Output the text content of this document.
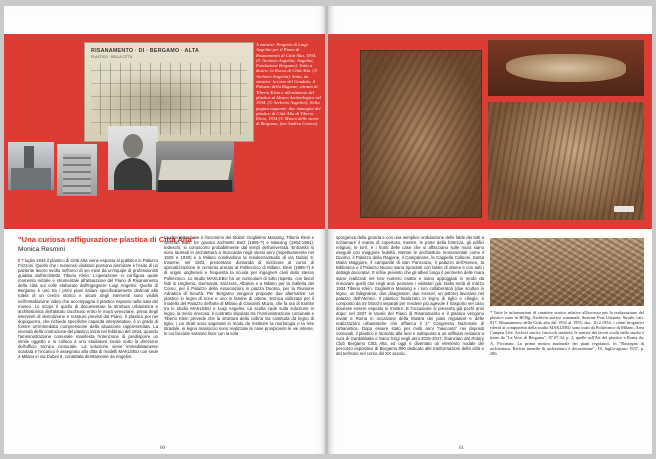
RISANAMENTO · DI · BERGAMO · ALTA
PLASTICO · DELLA CITTÀ
A sinistra: Progetto di Luigi Angelini per il Piano di Risanamento di Città Alta, 1934. (© Archivio Angelini; Angelini, Fondazione Bergamo). Sotto a destra: la Rocca di Città Alta. (© Archivio Angelini). Sotto, da sinistra: la torre del Gombito, il Palazzo della Ragione, ritratto di Tiberio Klein e allestimento del plastico al Museo Archeologico nel 1934. (© Archivio Angelini). Nella pagina seguente: due immagini del plastico di Città Alta di Tiberio Klein, 1934 (© Museo delle storie di Bergamo, foto Andrea Genovi).
"Una curiosa raffigurazione plastica di Città Alta"
Monica Resmini
Il 7 luglio 1934 il plastico di Città Alta viene esposto al pubblico in Palazzo Frizzoni. Quello che i numerosi visitatori possono ammirare è l'esito di un paziente lavoro svolto nell'arco di sei mesi da un'équipe di professionisti guidata dall'architetto Tiberio Klein. L'operazione si configura quale momento iniziale e strumentale all'attuazione del Piano di Risanamento della città sul colle elaborato dall'ingegnere Luigi Angelini. Quello di Bergamo è uno tra i primi piani italiani specificatamente dedicati alla tutela di un centro storico e alcuni degli interventi sono visibili nell'installazione video che accompagna il plastico esposto nella sala del museo. Lo scopo è quello di documentare la struttura urbanistica e architettonica dell'abitato racchiuso entro le mura veneziane, prima degli interventi di demolizione e restauro previsti dal Piano. Il plastico poi nel dopoguerra, che richiede specifiche capacità interpretative, è in grado di fornire un'immediata comprensione della situazione rappresentata. La vicenda della costruzione del plastico inizia nel febbraio del 1934, quando l'amministrazione comunale manifesta l'intenzione di predisporre un simile oggetto e lo colloca a uno studiatore locale sotto la direzione dell'ufficio tecnico comunale. La soluzione viene immediatamente scartata e l'incarico è assegnato alla ditta di modelli MAKLEBU con sede a Milano in via Dubini 9, contattata direttamente da Angelini.
La denominazione è l'acronimo dei titolari: Guglielmo Massing, Tiberio Klein e German Butz, tre giovani architetti: Butz (1905-?) e Massing (1904-1981), tedeschi, si conoscono probabilmente dai tempi dell'università. Entrambi si sono laureati in architettura a Stoccarda negli stessi anni (rispettivamente nel 1929 e 1930) e a Milano condividono la residenza/studio di via Dubini 9. Insieme, nel 1933, presentano domanda di iscrizione al corso di specializzazione in cemento armato al Politecnico di Milano. Klein (1886-?) è di origini ungheresi e frequenta la scuola per ingegneri civili dello stesso Politecnico. Lo studio MAKLEBU ha un curriculum di tutto rispetto, con lavori fatti in Ungheria, Germania, Svizzera, Albania e a Milano per la Galleria del Corso, per il Palazzo della Associazioni in piazza Duomo, per la Riunione Adriatica di Sicurtà. Per Bergamo vengono proposte due alternative: un plastico in legno di noce e uno in lamine di ottone, tecnica utilizzata per il modello del Palazzo dell'arte di Milano di Giovanni Muzio, che fa ora di tramite tra lo studio MAKLEBU e Luigi Angelini. La scelta cade sulla soluzione in legno, la meno onerosa. Il contratto stipulato tra l'Amministrazione comunale e Tiberio Klein prevede che la struttura della collina sia costituita da legno di tiglio, i cui strati sono sagomati in modo da restituire la morfologia e la rete stradale, in legno massiccio sono realizzate le case prospicienti le vie interne, le cui facciate saranno lisce con la sola
60
sporgenza della gronda e con una semplice ondulazione delle falde dei tetti a richiamare il manto di copertura, mentre, le porte della fortezza, gli edifici religiosi, le torri, e i fronti delle case che si affacciano sulle mura siano eseguiti con maggiore fedeltà. Mentre le architetture monumentali come il Duomo, il Palazzo della Ragione, il Campanone, la Cappella Colleoni, Santa Maria Maggiore, il campanile di San Pancrazio, il palazzo dell'Ateneo, la Biblioteca e il Palazzo Nuovo siano riprodotti con lastre di ottone e con tutti i dettagli decorativi. E infine previsto che gli alberi lungo il perimetro delle mura siano realizzati nel loro numero esatto e siano appoggiati in modo da rinnovare quelli che negli anni pensano i visitatori già. Dalla metà di marzo 1934 Tiberio Klein, Guglielmo Massing e i loro collaboratori (due scultori in legno, un falegname, due disegnatori, due incisori, un pittore) lavorano nel palazzo dell'Ateneo. Il plastico finalizzato in legno di tiglio e ciliegio, è composto da tre blocchi separati per rendere più agevole il trasporto nel caso dovesse essere esposto in mostre. E l'occasione si presenta già pochi anni dopo: nel 1937 le tavole del Piano di Risanamento e il plastico vengono inviati a Roma in occasione della Mostra dei piani regolatori e delle realizzazioni urbanistiche che affianca il 1° Congresso Nazionale di Urbanistica. Dopo essere stato per molti anni "nascosto" nei depositi comunali, il plastico è ritornato alla luce e sottoposto a un raffinato restauro a cura di Gardabitalia e Sano Grigi negli anni 2016-2017, finanziato dal Rotary Club Bergamo Città Alta, ed oggi è diventato un elemento nodale del percorso espositivo di Bergamo 900 dedicato alle trasformazioni della città e del territorio nel corso del XX secolo.
* Tutte le informazioni di carattere storico relative all'accesso per la realizzazione del plastico sono in BCBg, Archivio storico comunale, Sezione Post Unitaria, Strade, cart. 817, Risanamento della Città alta dal 1932 al 1955, doc. 10.2.1934; i cenni biografici riferiti ai componenti della studio MAKLEBU sono tratti da Politecnico di Milano, Area Campus Life, Archivi storici, fascicoli studenti; le notizie dei lavori svolti dallo studio è tratto da "La Voce di Bergamo", 07.07.34, p. 2; quelle sull'Art del plastico a Roma da: A. Piccinato, La prima mostra nazionale dei piani regolatori, in "Rassegna di architettura. Rivista mensile di architettura e decorazione", 10, luglio-agosto 1937, p. 286.
61
